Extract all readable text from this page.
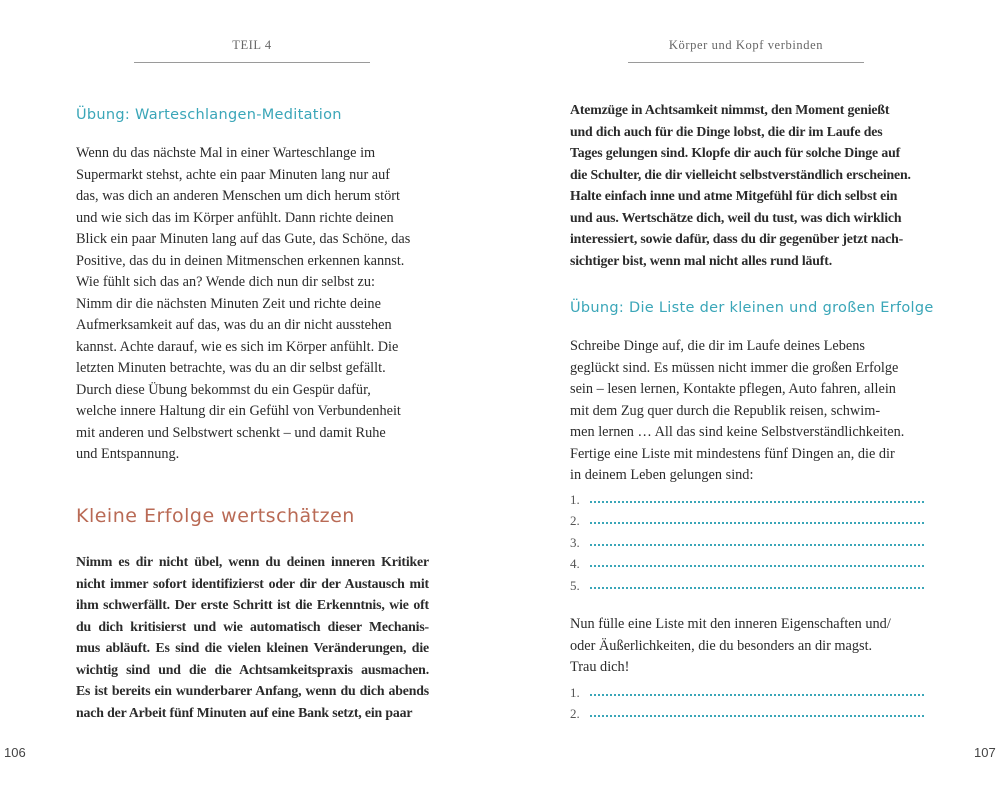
TEIL 4
Übung: Warteschlangen-Meditation
Wenn du das nächste Mal in einer Warteschlange im
Supermarkt stehst, achte ein paar Minuten lang nur auf
das, was dich an anderen Menschen um dich herum stört
und wie sich das im Körper anfühlt. Dann richte deinen
Blick ein paar Minuten lang auf das Gute, das Schöne, das
Positive, das du in deinen Mitmenschen erkennen kannst.
Wie fühlt sich das an? Wende dich nun dir selbst zu:
Nimm dir die nächsten Minuten Zeit und richte deine
Aufmerksamkeit auf das, was du an dir nicht ausstehen
kannst. Achte darauf, wie es sich im Körper anfühlt. Die
letzten Minuten betrachte, was du an dir selbst gefällt.
Durch diese Übung bekommst du ein Gespür dafür,
welche innere Haltung dir ein Gefühl von Verbundenheit
mit anderen und Selbstwert schenkt – und damit Ruhe
und Entspannung.
Kleine Erfolge wertschätzen
Nimm es dir nicht übel, wenn du deinen inneren Kritiker
nicht immer sofort identifizierst oder dir der Austausch mit
ihm schwerfällt. Der erste Schritt ist die Erkenntnis, wie oft
du dich kritisierst und wie automatisch dieser Mechanis-
mus abläuft. Es sind die vielen kleinen Veränderungen, die
wichtig sind und die die Achtsamkeitspraxis ausmachen.
Es ist bereits ein wunderbarer Anfang, wenn du dich abends
nach der Arbeit fünf Minuten auf eine Bank setzt, ein paar
106
Körper und Kopf verbinden
Atemzüge in Achtsamkeit nimmst, den Moment genießt
und dich auch für die Dinge lobst, die dir im Laufe des
Tages gelungen sind. Klopfe dir auch für solche Dinge auf
die Schulter, die dir vielleicht selbstverständlich erscheinen.
Halte einfach inne und atme Mitgefühl für dich selbst ein
und aus. Wertschätze dich, weil du tust, was dich wirklich
interessiert, sowie dafür, dass du dir gegenüber jetzt nach-
sichtiger bist, wenn mal nicht alles rund läuft.
Übung: Die Liste der kleinen und großen Erfolge
Schreibe Dinge auf, die dir im Laufe deines Lebens
geglückt sind. Es müssen nicht immer die großen Erfolge
sein – lesen lernen, Kontakte pflegen, Auto fahren, allein
mit dem Zug quer durch die Republik reisen, schwim-
men lernen … All das sind keine Selbstverständlichkeiten.
Fertige eine Liste mit mindestens fünf Dingen an, die dir
in deinem Leben gelungen sind:
1.
2.
3.
4.
5.
Nun fülle eine Liste mit den inneren Eigenschaften und/
oder Äußerlichkeiten, die du besonders an dir magst.
Trau dich!
1.
2.
107
